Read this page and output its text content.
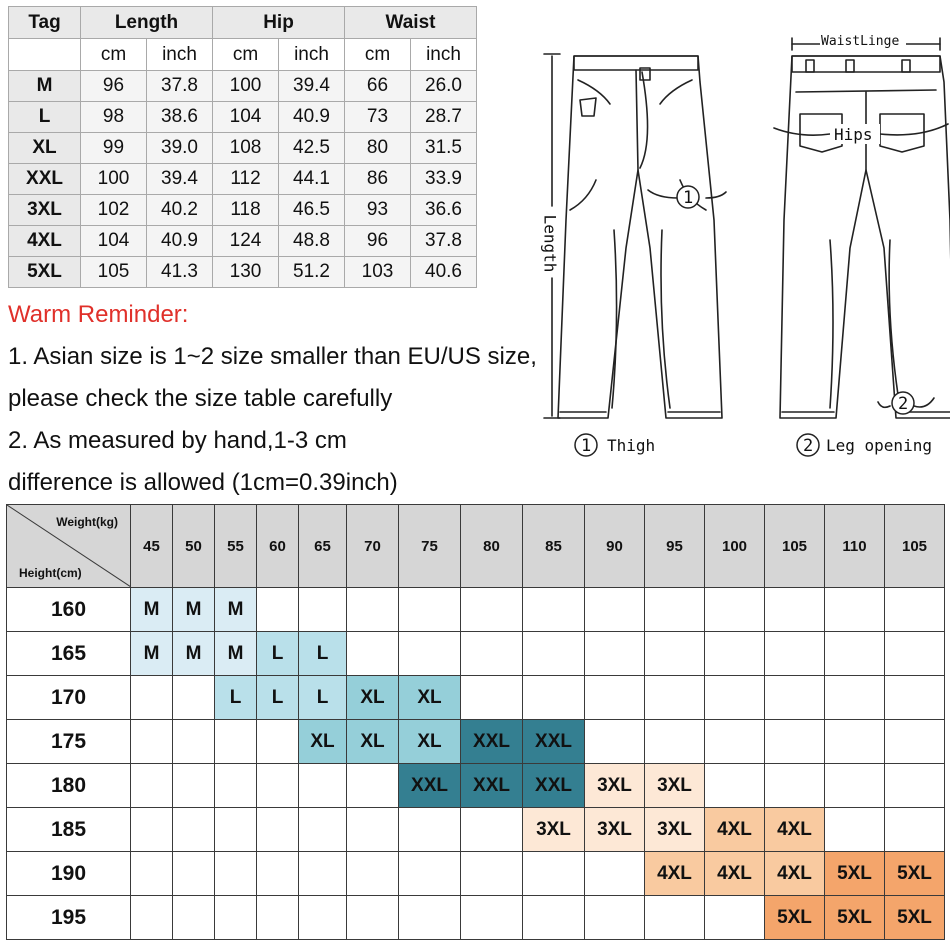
Tag	Length		Hip		Waist	
	cm	inch	cm	inch	cm	inch
M	96	37.8	100	39.4	66	26.0
L	98	38.6	104	40.9	73	28.7
XL	99	39.0	108	42.5	80	31.5
XXL	100	39.4	112	44.1	86	33.9
3XL	102	40.2	118	46.5	93	36.6
4XL	104	40.9	124	48.8	96	37.8
5XL	105	41.3	130	51.2	103	40.6
Warm Reminder:
1. Asian size is 1~2 size smaller than EU/US size,
please check the size table carefully
2. As measured by hand,1-3 cm
difference is allowed (1cm=0.39inch)
WaistLinge
Hips
Length
1
2
1	2
Thigh	Leg opening
Weight(kg)
Height(cm)	45	50	55	60	65	70	75	80	85	90	95	100	105	110	105
160	M	M	M												
165	M	M	M	L	L										
170			L	L	L	XL	XL								
175					XL	XL	XL	XXL	XXL						
180							XXL	XXL	XXL	3XL	3XL				
185									3XL	3XL	3XL	4XL	4XL		
190											4XL	4XL	4XL	5XL	5XL
195													5XL	5XL	5XL
